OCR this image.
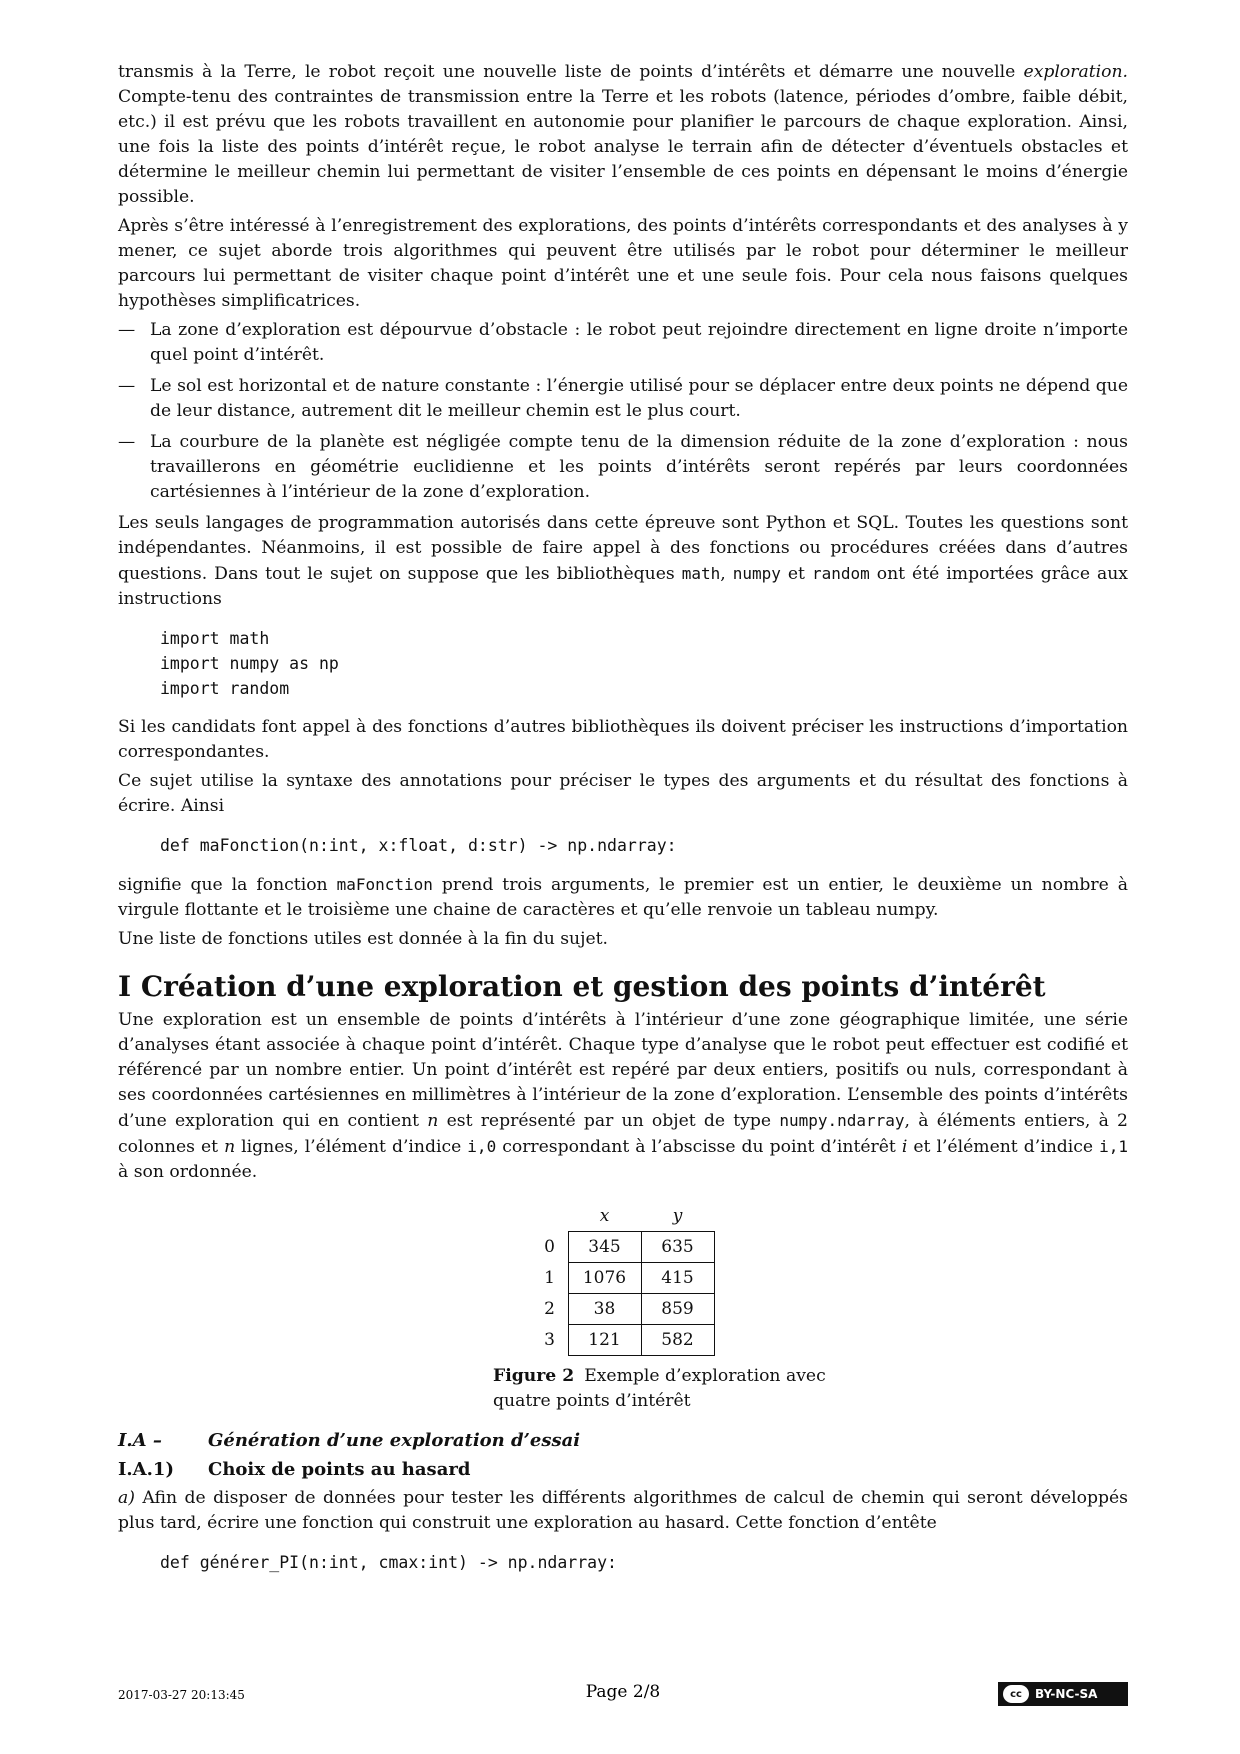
transmis à la Terre, le robot reçoit une nouvelle liste de points d’intérêts et démarre une nouvelle exploration. Compte-tenu des contraintes de transmission entre la Terre et les robots (latence, périodes d’ombre, faible débit, etc.) il est prévu que les robots travaillent en autonomie pour planifier le parcours de chaque exploration. Ainsi, une fois la liste des points d’intérêt reçue, le robot analyse le terrain afin de détecter d’éventuels obstacles et détermine le meilleur chemin lui permettant de visiter l’ensemble de ces points en dépensant le moins d’énergie possible.

Après s’être intéressé à l’enregistrement des explorations, des points d’intérêts correspondants et des analyses à y mener, ce sujet aborde trois algorithmes qui peuvent être utilisés par le robot pour déterminer le meilleur parcours lui permettant de visiter chaque point d’intérêt une et une seule fois. Pour cela nous faisons quelques hypothèses simplificatrices.

— La zone d’exploration est dépourvue d’obstacle : le robot peut rejoindre directement en ligne droite n’importe quel point d’intérêt.
— Le sol est horizontal et de nature constante : l’énergie utilisé pour se déplacer entre deux points ne dépend que de leur distance, autrement dit le meilleur chemin est le plus court.
— La courbure de la planète est négligée compte tenu de la dimension réduite de la zone d’exploration : nous travaillerons en géométrie euclidienne et les points d’intérêts seront repérés par leurs coordonnées cartésiennes à l’intérieur de la zone d’exploration.

Les seuls langages de programmation autorisés dans cette épreuve sont Python et SQL. Toutes les questions sont indépendantes. Néanmoins, il est possible de faire appel à des fonctions ou procédures créées dans d’autres questions. Dans tout le sujet on suppose que les bibliothèques math, numpy et random ont été importées grâce aux instructions

import math
import numpy as np
import random

Si les candidats font appel à des fonctions d’autres bibliothèques ils doivent préciser les instructions d’importation correspondantes.

Ce sujet utilise la syntaxe des annotations pour préciser le types des arguments et du résultat des fonctions à écrire. Ainsi

def maFonction(n:int, x:float, d:str) -> np.ndarray:

signifie que la fonction maFonction prend trois arguments, le premier est un entier, le deuxième un nombre à virgule flottante et le troisième une chaine de caractères et qu’elle renvoie un tableau numpy.

Une liste de fonctions utiles est donnée à la fin du sujet.

I Création d’une exploration et gestion des points d’intérêt

Une exploration est un ensemble de points d’intérêts à l’intérieur d’une zone géographique limitée, une série d’analyses étant associée à chaque point d’intérêt. Chaque type d’analyse que le robot peut effectuer est codifié et référencé par un nombre entier. Un point d’intérêt est repéré par deux entiers, positifs ou nuls, correspondant à ses coordonnées cartésiennes en millimètres à l’intérieur de la zone d’exploration. L’ensemble des points d’intérêts d’une exploration qui en contient n est représenté par un objet de type numpy.ndarray, à éléments entiers, à 2 colonnes et n lignes, l’élément d’indice i,0 correspondant à l’abscisse du point d’intérêt i et l’élément d’indice i,1 à son ordonnée.

	x	y
0	345	635
1	1076	415
2	38	859
3	121	582
Figure 2 Exemple d’exploration avec quatre points d’intérêt
I.A –	Génération d’une exploration d’essai
I.A.1) Choix de points au hasard

a) Afin de disposer de données pour tester les différents algorithmes de calcul de chemin qui seront développés plus tard, écrire une fonction qui construit une exploration au hasard. Cette fonction d’entête

def générer_PI(n:int, cmax:int) -> np.ndarray:
2017-03-27 20:13:45	Page 2/8	cc	BY-NC-SA
